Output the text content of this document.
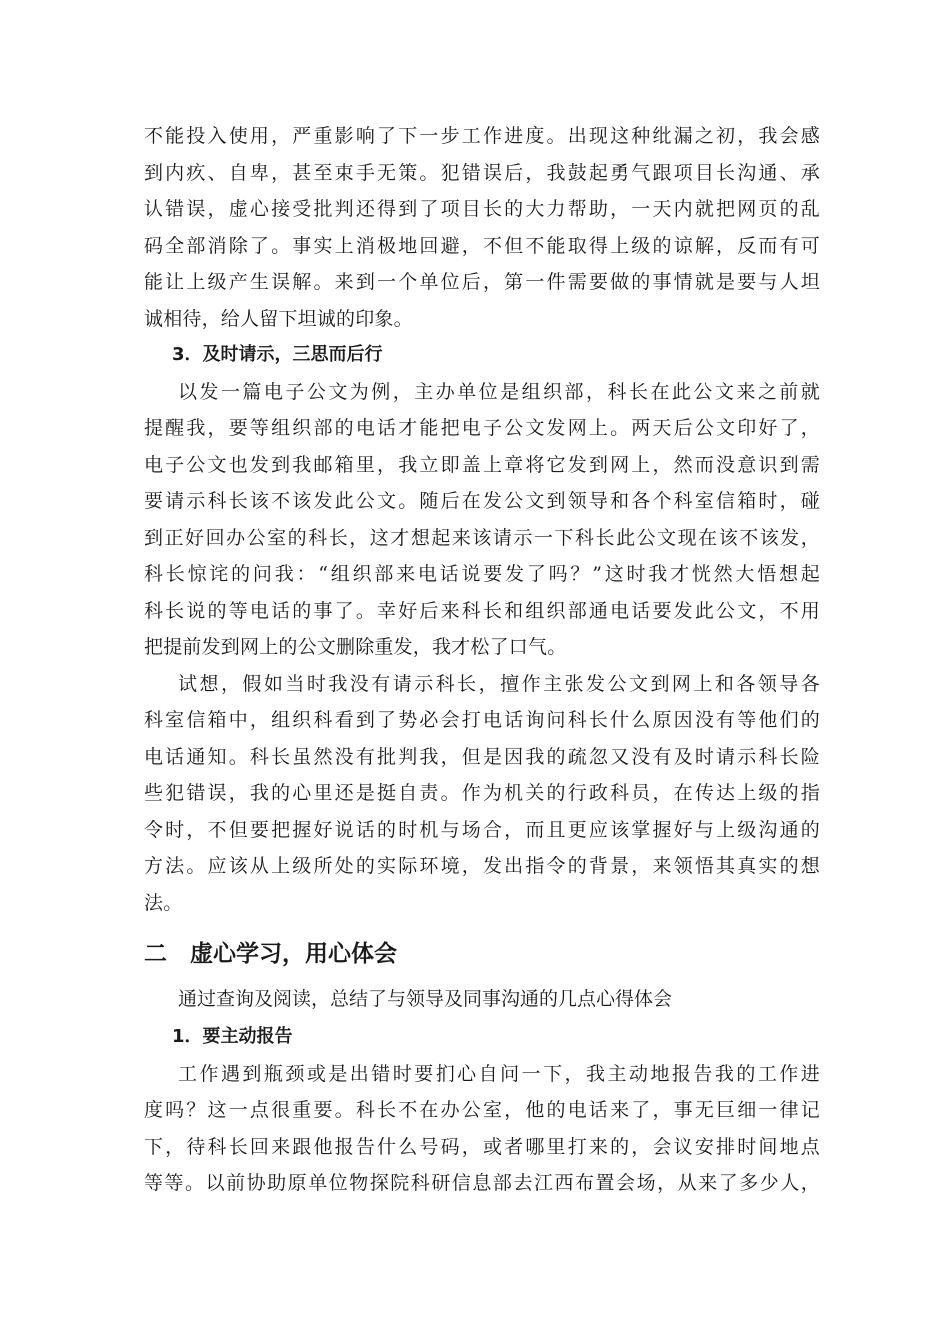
不能投入使用，严重影响了下一步工作进度。出现这种纰漏之初，我会感
到内疚、自卑，甚至束手无策。犯错误后，我鼓起勇气跟项目长沟通、承
认错误，虚心接受批判还得到了项目长的大力帮助，一天内就把网页的乱
码全部消除了。事实上消极地回避，不但不能取得上级的谅解，反而有可
能让上级产生误解。来到一个单位后，第一件需要做的事情就是要与人坦
诚相待，给人留下坦诚的印象。
3．及时请示，三思而后行
以发一篇电子公文为例，主办单位是组织部，科长在此公文来之前就
提醒我，要等组织部的电话才能把电子公文发网上。两天后公文印好了，
电子公文也发到我邮箱里，我立即盖上章将它发到网上，然而没意识到需
要请示科长该不该发此公文。随后在发公文到领导和各个科室信箱时，碰
到正好回办公室的科长，这才想起来该请示一下科长此公文现在该不该发，
科长惊诧的问我：“组织部来电话说要发了吗？”这时我才恍然大悟想起
科长说的等电话的事了。幸好后来科长和组织部通电话要发此公文，不用
把提前发到网上的公文删除重发，我才松了口气。
试想，假如当时我没有请示科长，擅作主张发公文到网上和各领导各
科室信箱中，组织科看到了势必会打电话询问科长什么原因没有等他们的
电话通知。科长虽然没有批判我，但是因我的疏忽又没有及时请示科长险
些犯错误，我的心里还是挺自责。作为机关的行政科员，在传达上级的指
令时，不但要把握好说话的时机与场合，而且更应该掌握好与上级沟通的
方法。应该从上级所处的实际环境，发出指令的背景，来领悟其真实的想
法。
二 虚心学习，用心体会
通过查询及阅读，总结了与领导及同事沟通的几点心得体会
1．要主动报告
工作遇到瓶颈或是出错时要扪心自问一下，我主动地报告我的工作进
度吗？这一点很重要。科长不在办公室，他的电话来了，事无巨细一律记
下，待科长回来跟他报告什么号码，或者哪里打来的，会议安排时间地点
等等。以前协助原单位物探院科研信息部去江西布置会场，从来了多少人，
